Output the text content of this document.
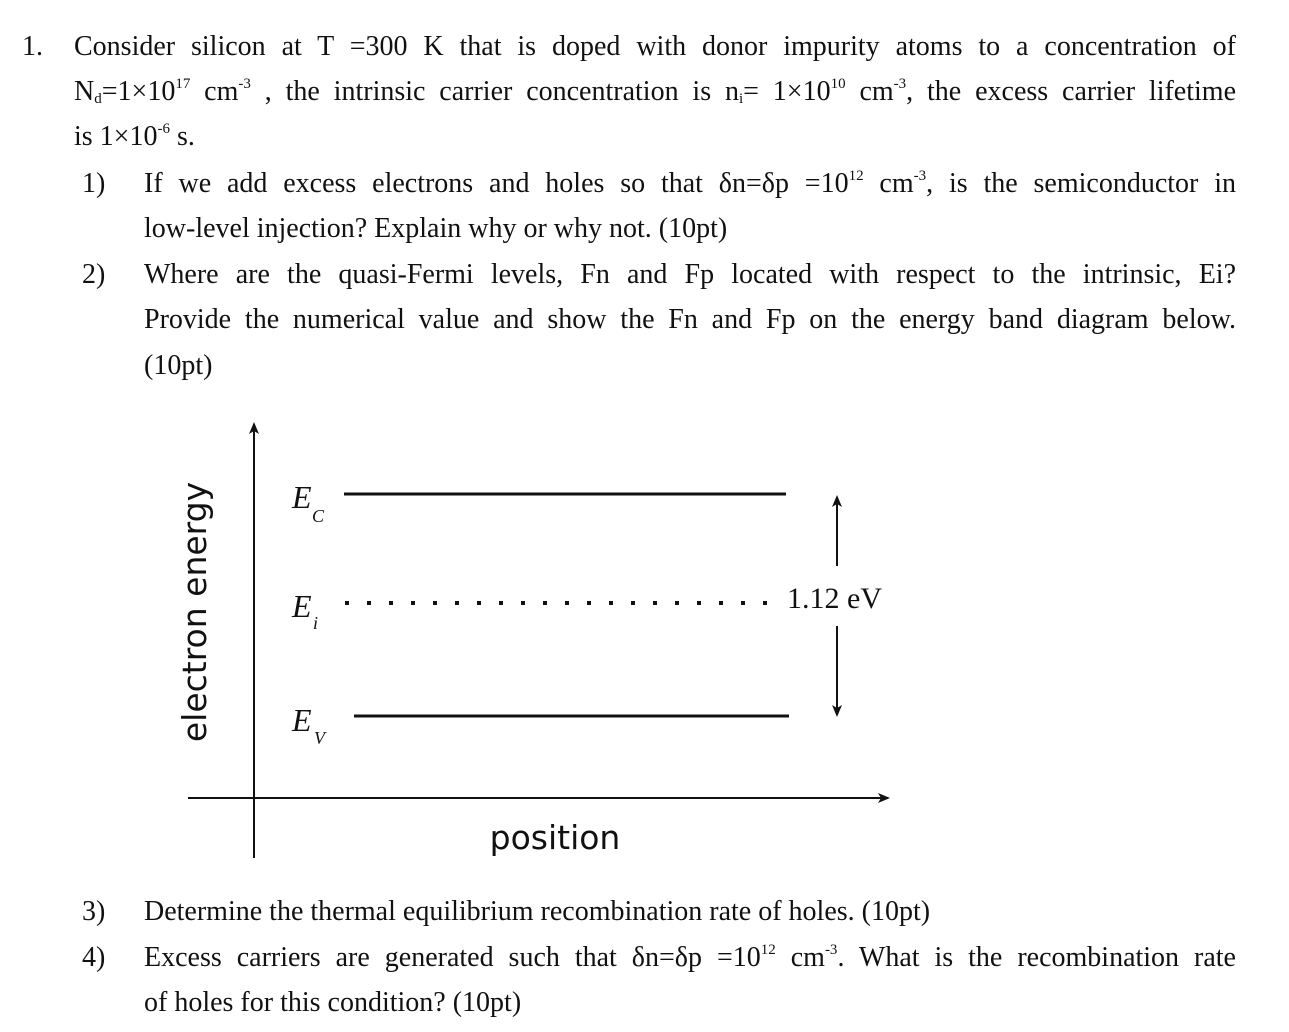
1. Consider silicon at T =300 K that is doped with donor impurity atoms to a concentration of
$N_d=1\times 10^{17}$ $cm^{-3}$ , the intrinsic carrier concentration is $n_i= 1\times 10^{10}$ $cm^{-3}$, the excess carrier lifetime
is $1\times 10^{-6}$ s.
1) If we add excess electrons and holes so that $\delta n=\delta p =10^{12}$ $cm^{-3}$, is the semiconductor in
low-level injection? Explain why or why not. (10pt)
2) Where are the quasi-Fermi levels, Fn and Fp located with respect to the intrinsic, Ei?
Provide the numerical value and show the Fn and Fp on the energy band diagram below.
(10pt)
electron energy
position
E
C
E i
E V
1.12 eV
3) Determine the thermal equilibrium recombination rate of holes. (10pt)
4) Excess carriers are generated such that $\delta n=\delta p =10^{12}$ $cm^{-3}$. What is the recombination rate
of holes for this condition? (10pt)
